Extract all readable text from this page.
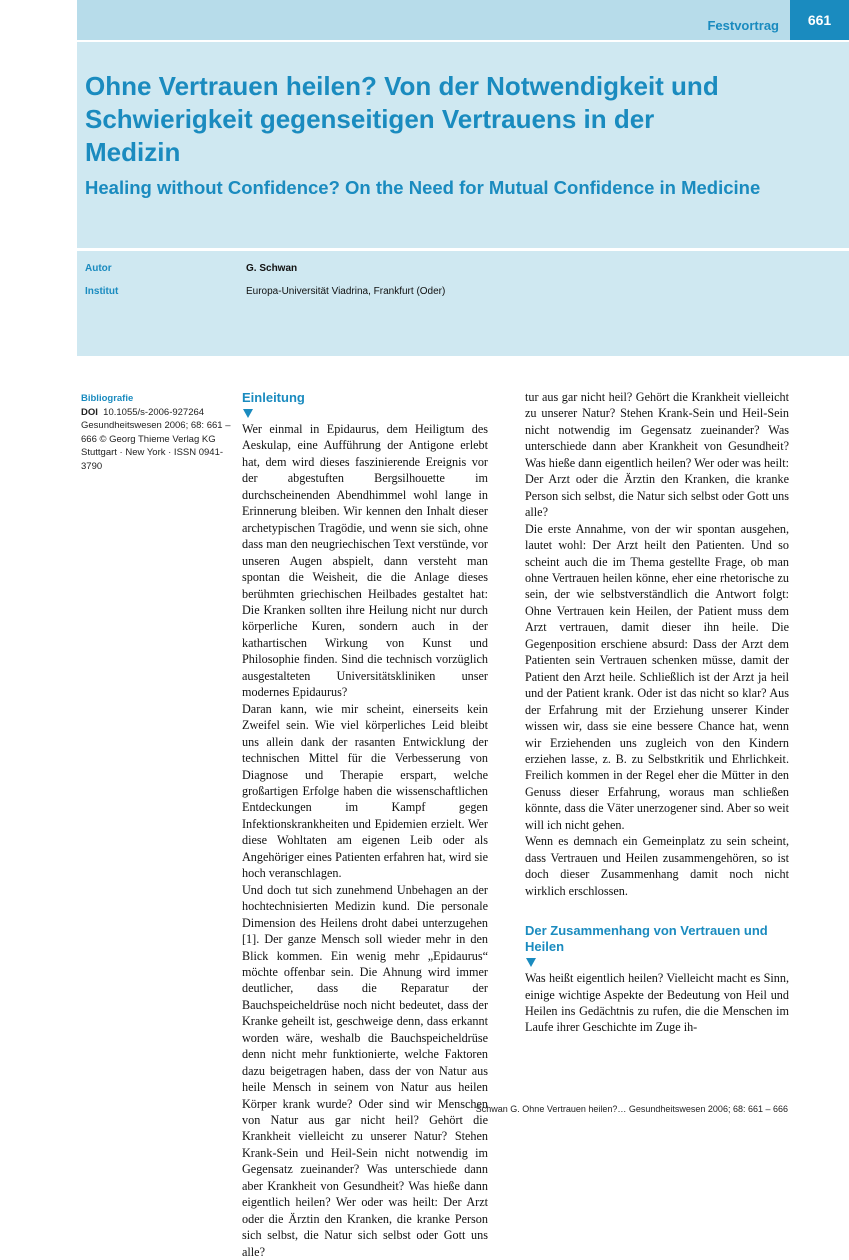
Festvortrag	661
Ohne Vertrauen heilen? Von der Notwendigkeit und Schwierigkeit gegenseitigen Vertrauens in der Medizin
Healing without Confidence? On the Need for Mutual Confidence in Medicine
Autor	G. Schwan
Institut	Europa-Universität Viadrina, Frankfurt (Oder)
Bibliografie
DOI 10.1055/s-2006-927264 Gesundheitswesen 2006; 68: 661 – 666 © Georg Thieme Verlag KG Stuttgart · New York · ISSN 0941-3790
Einleitung

Wer einmal in Epidaurus, dem Heiligtum des Aeskulap, eine Aufführung der Antigone erlebt hat, dem wird dieses faszinierende Ereignis vor der abgestuften Bergsilhouette im durchscheinenden Abendhimmel wohl lange in Erinnerung bleiben. Wir kennen den Inhalt dieser archetypischen Tragödie, und wenn sie sich, ohne dass man den neugriechischen Text verstünde, vor unseren Augen abspielt, dann versteht man spontan die Weisheit, die die Anlage dieses berühmten griechischen Heilbades gestaltet hat: Die Kranken sollten ihre Heilung nicht nur durch körperliche Kuren, sondern auch in der kathartischen Wirkung von Kunst und Philosophie finden. Sind die technisch vorzüglich ausgestalteten Universitätskliniken unser modernes Epidaurus?

Daran kann, wie mir scheint, einerseits kein Zweifel sein. Wie viel körperliches Leid bleibt uns allein dank der rasanten Entwicklung der technischen Mittel für die Verbesserung von Diagnose und Therapie erspart, welche großartigen Erfolge haben die wissenschaftlichen Entdeckungen im Kampf gegen Infektionskrankheiten und Epidemien erzielt. Wer diese Wohltaten am eigenen Leib oder als Angehöriger eines Patienten erfahren hat, wird sie hoch veranschlagen.

Und doch tut sich zunehmend Unbehagen an der hochtechnisierten Medizin kund. Die personale Dimension des Heilens droht dabei unterzugehen [1]. Der ganze Mensch soll wieder mehr in den Blick kommen. Ein wenig mehr „Epidaurus“ möchte offenbar sein. Die Ahnung wird immer deutlicher, dass die Reparatur der Bauchspeicheldrüse noch nicht bedeutet, dass der Kranke geheilt ist, geschweige denn, dass erkannt worden wäre, weshalb die Bauchspeicheldrüse denn nicht mehr funktionierte, welche Faktoren dazu beigetragen haben, dass der von Natur aus heile Mensch in seinem von Natur aus heilen Körper krank wurde? Oder sind wir Menschen von Natur aus gar nicht heil? Gehört die Krankheit vielleicht zu unserer Natur? Stehen Krank-Sein und Heil-Sein nicht notwendig im Gegensatz zueinander? Was unterschiede dann aber Krankheit von Gesundheit? Was hieße dann eigentlich heilen? Wer oder was heilt: Der Arzt oder die Ärztin den Kranken, die kranke Person sich selbst, die Natur sich selbst oder Gott uns alle?

tur aus gar nicht heil? Gehört die Krankheit vielleicht zu unserer Natur? Stehen Krank-Sein und Heil-Sein nicht notwendig im Gegensatz zueinander? Was unterschiede dann aber Krankheit von Gesundheit? Was hieße dann eigentlich heilen? Wer oder was heilt: Der Arzt oder die Ärztin den Kranken, die kranke Person sich selbst, die Natur sich selbst oder Gott uns alle?

Die erste Annahme, von der wir spontan ausgehen, lautet wohl: Der Arzt heilt den Patienten. Und so scheint auch die im Thema gestellte Frage, ob man ohne Vertrauen heilen könne, eher eine rhetorische zu sein, der wie selbstverständlich die Antwort folgt: Ohne Vertrauen kein Heilen, der Patient muss dem Arzt vertrauen, damit dieser ihn heile. Die Gegenposition erschiene absurd: Dass der Arzt dem Patienten sein Vertrauen schenken müsse, damit der Patient den Arzt heile. Schließlich ist der Arzt ja heil und der Patient krank. Oder ist das nicht so klar? Aus der Erfahrung mit der Erziehung unserer Kinder wissen wir, dass sie eine bessere Chance hat, wenn wir Erziehenden uns zugleich von den Kindern erziehen lasse, z. B. zu Selbstkritik und Ehrlichkeit. Freilich kommen in der Regel eher die Mütter in den Genuss dieser Erfahrung, woraus man schließen könnte, dass die Väter unerzogener sind. Aber so weit will ich nicht gehen.

Wenn es demnach ein Gemeinplatz zu sein scheint, dass Vertrauen und Heilen zusammengehören, so ist doch dieser Zusammenhang damit noch nicht wirklich erschlossen.

Der Zusammenhang von Vertrauen und Heilen

Was heißt eigentlich heilen? Vielleicht macht es Sinn, einige wichtige Aspekte der Bedeutung von Heil und Heilen ins Gedächtnis zu rufen, die die Menschen im Laufe ihrer Geschichte im Zuge ih-

Schwan G. Ohne Vertrauen heilen?… Gesundheitswesen 2006; 68: 661 – 666
